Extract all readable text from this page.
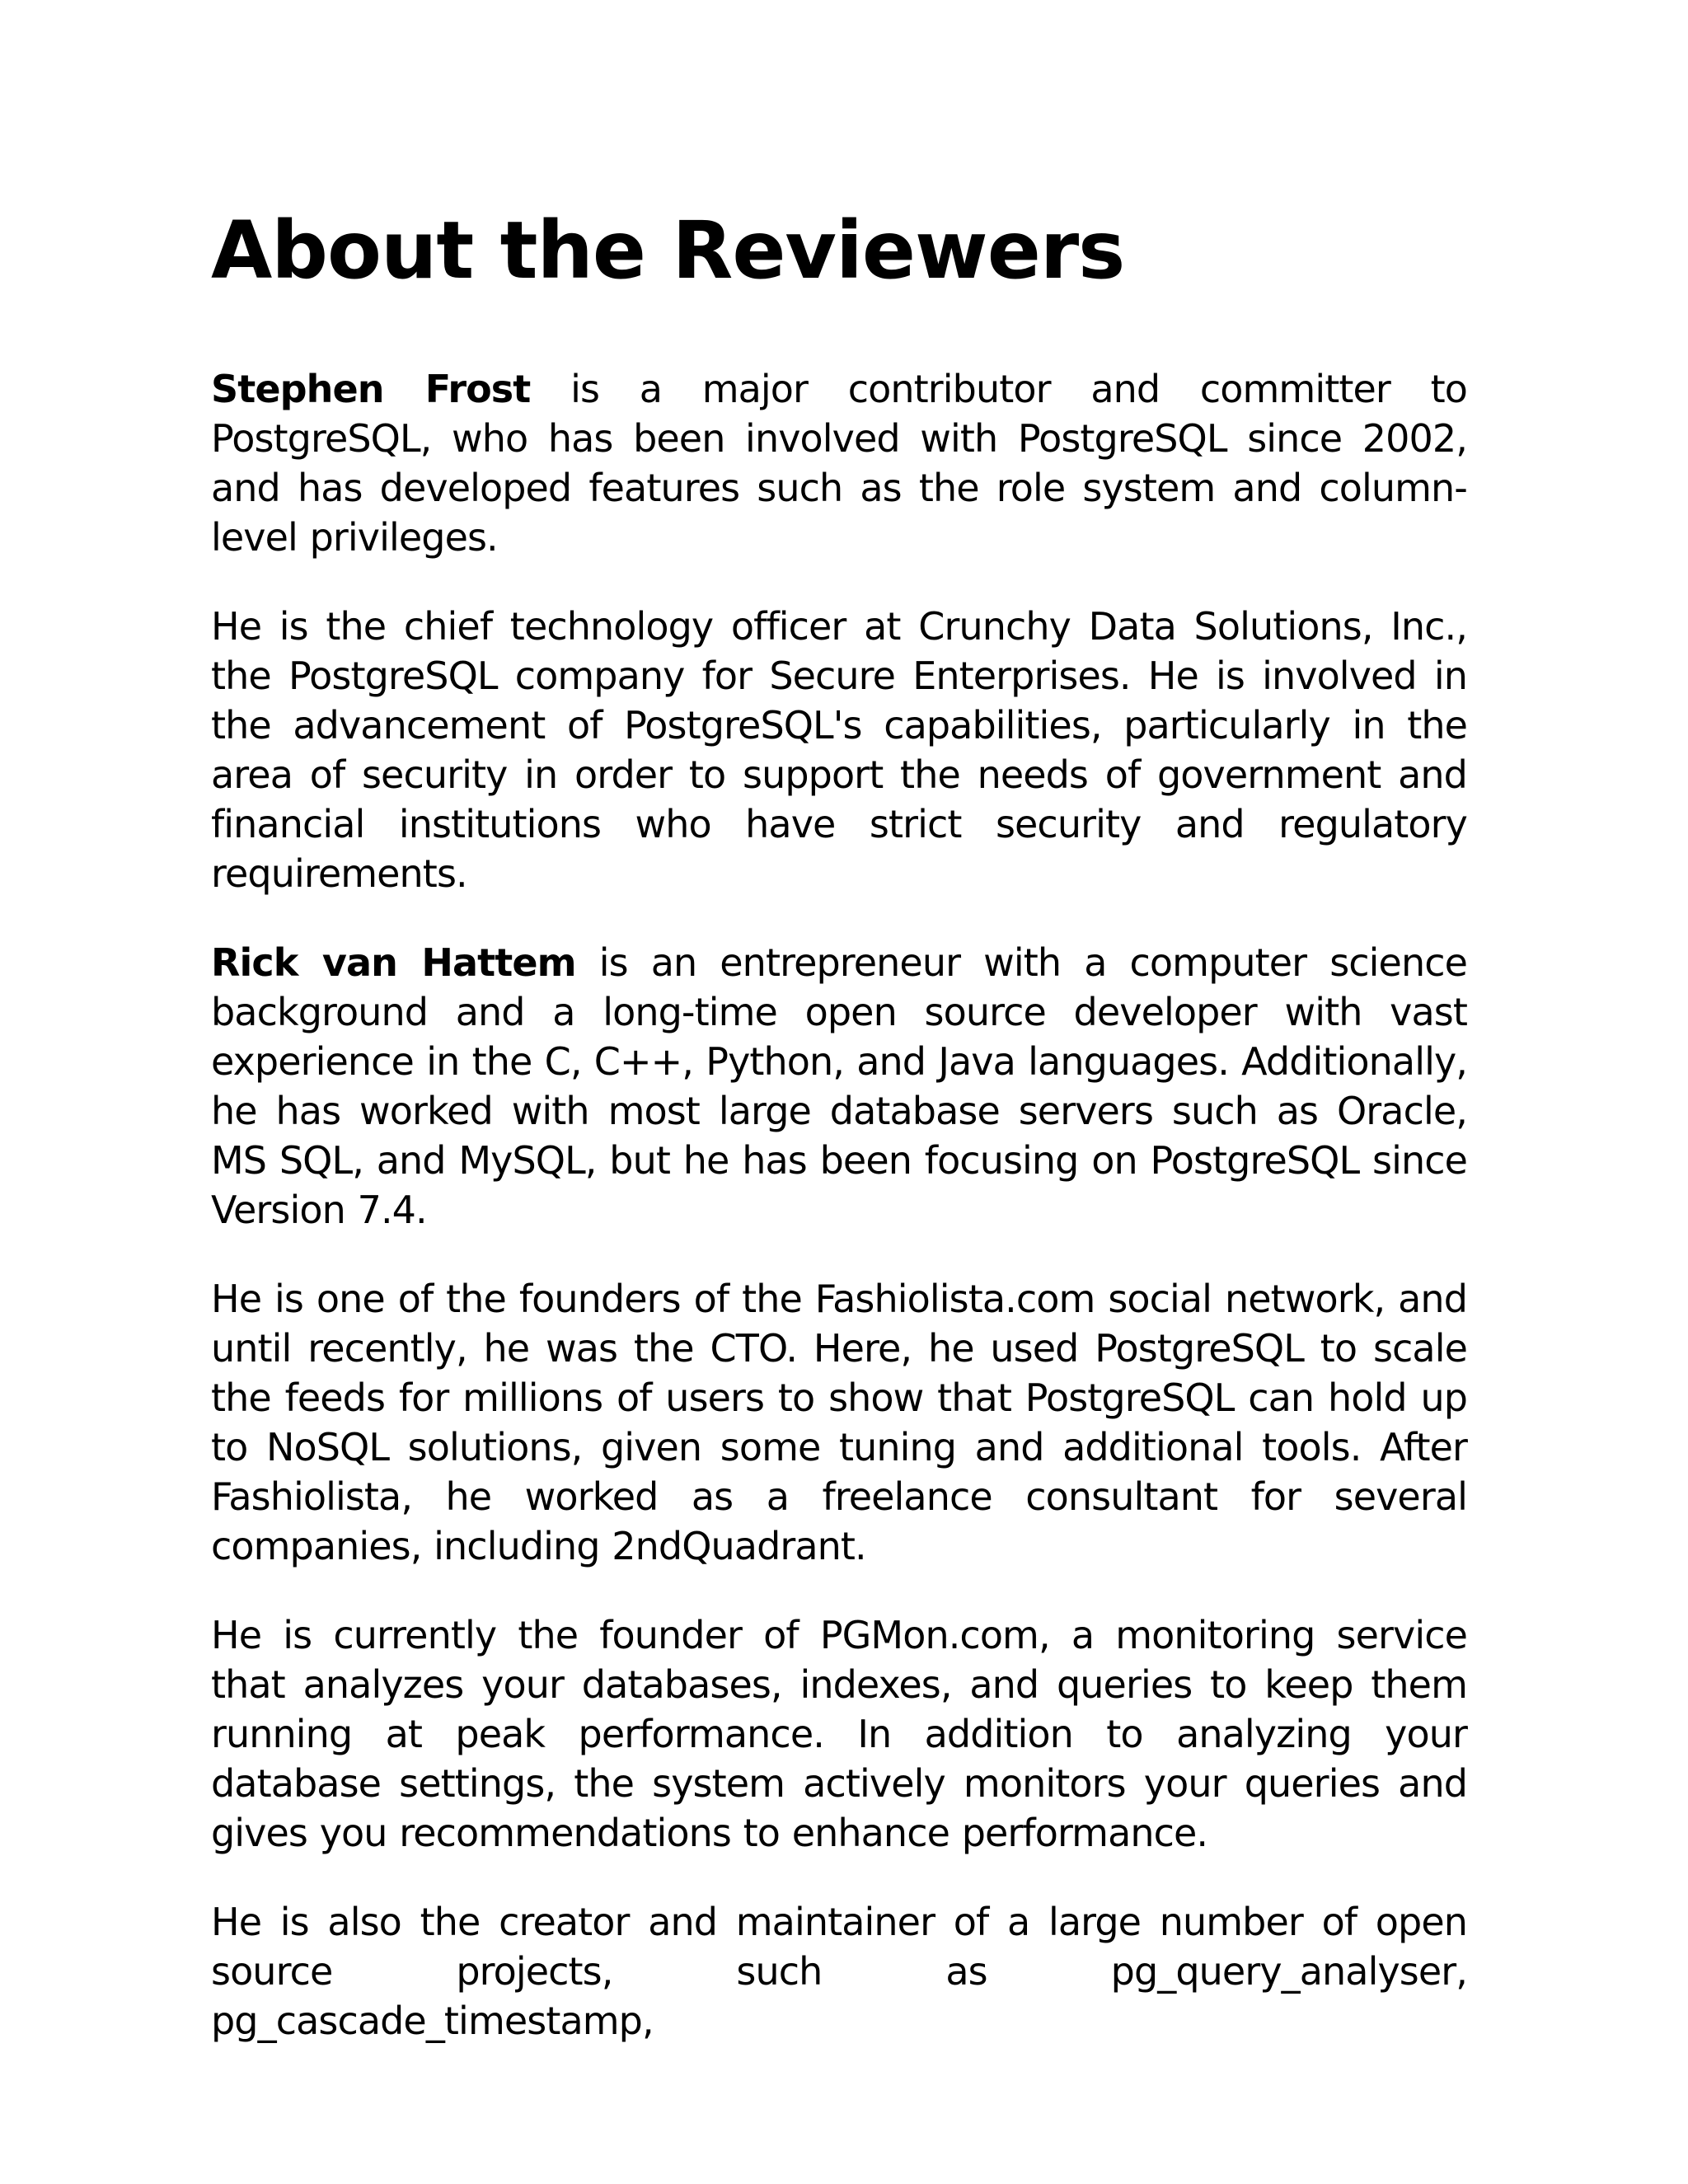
About the Reviewers

Stephen Frost is a major contributor and committer to PostgreSQL, who has been involved with PostgreSQL since 2002, and has developed features such as the role system and column-level privileges.

He is the chief technology officer at Crunchy Data Solutions, Inc., the PostgreSQL company for Secure Enterprises. He is involved in the advancement of PostgreSQL's capabilities, particularly in the area of security in order to support the needs of government and financial institutions who have strict security and regulatory requirements.

Rick van Hattem is an entrepreneur with a computer science background and a long-time open source developer with vast experience in the C, C++, Python, and Java languages. Additionally, he has worked with most large database servers such as Oracle, MS SQL, and MySQL, but he has been focusing on PostgreSQL since Version 7.4.

He is one of the founders of the Fashiolista.com social network, and until recently, he was the CTO. Here, he used PostgreSQL to scale the feeds for millions of users to show that PostgreSQL can hold up to NoSQL solutions, given some tuning and additional tools. After Fashiolista, he worked as a freelance consultant for several companies, including 2ndQuadrant.

He is currently the founder of PGMon.com, a monitoring service that analyzes your databases, indexes, and queries to keep them running at peak performance. In addition to analyzing your database settings, the system actively monitors your queries and gives you recommendations to enhance performance.

He is also the creator and maintainer of a large number of open source projects, such as pg_query_analyser, pg_cascade_timestamp,
